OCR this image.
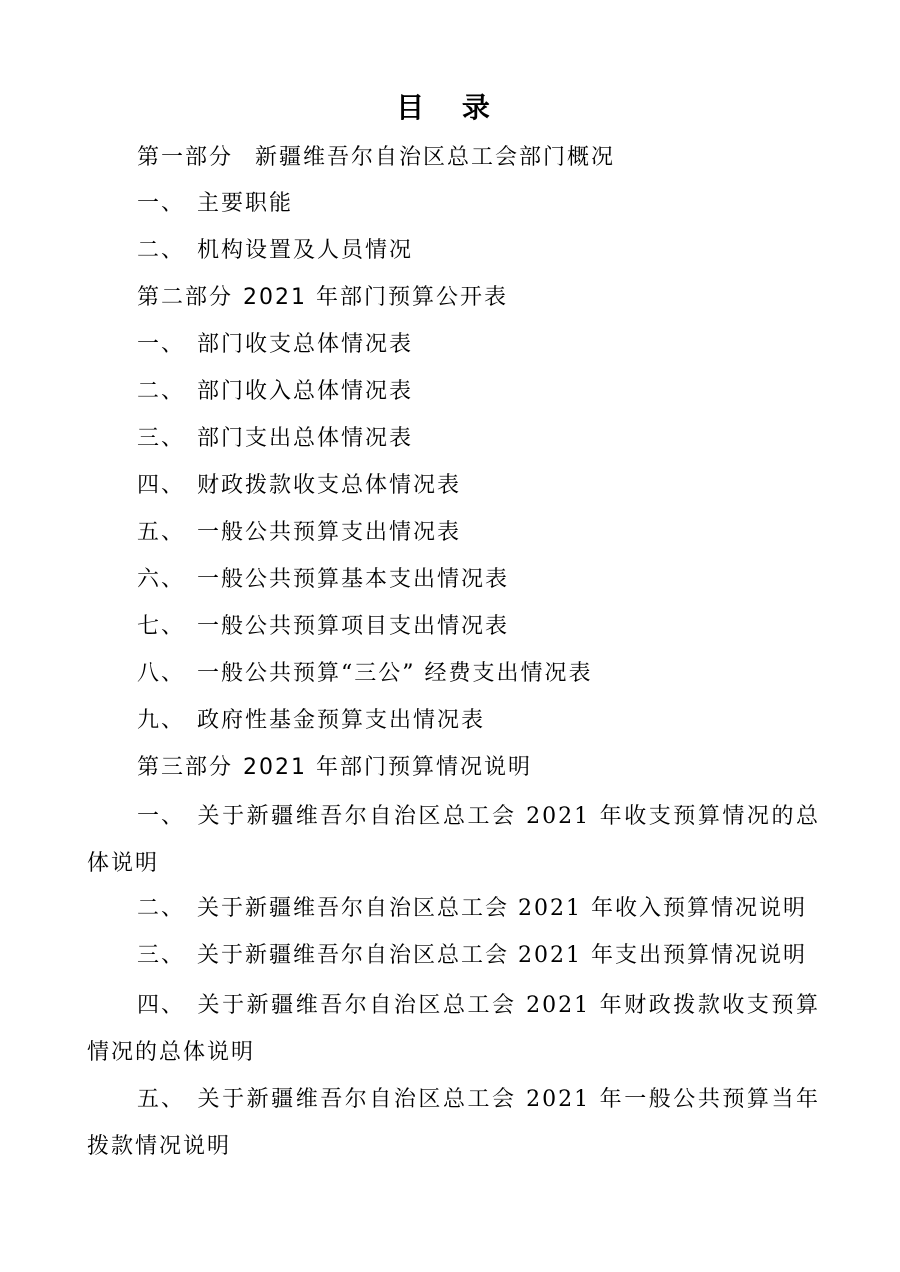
目 录
第一部分 新疆维吾尔自治区总工会部门概况
一、 主要职能
二、 机构设置及人员情况
第二部分 2021 年部门预算公开表
一、 部门收支总体情况表
二、 部门收入总体情况表
三、 部门支出总体情况表
四、 财政拨款收支总体情况表
五、 一般公共预算支出情况表
六、 一般公共预算基本支出情况表
七、 一般公共预算项目支出情况表
八、 一般公共预算“三公” 经费支出情况表
九、 政府性基金预算支出情况表
第三部分 2021 年部门预算情况说明
一、 关于新疆维吾尔自治区总工会 2021 年收支预算情况的总体说明
二、 关于新疆维吾尔自治区总工会 2021 年收入预算情况说明
三、 关于新疆维吾尔自治区总工会 2021 年支出预算情况说明
四、 关于新疆维吾尔自治区总工会 2021 年财政拨款收支预算情况的总体说明
五、 关于新疆维吾尔自治区总工会 2021 年一般公共预算当年拨款情况说明
